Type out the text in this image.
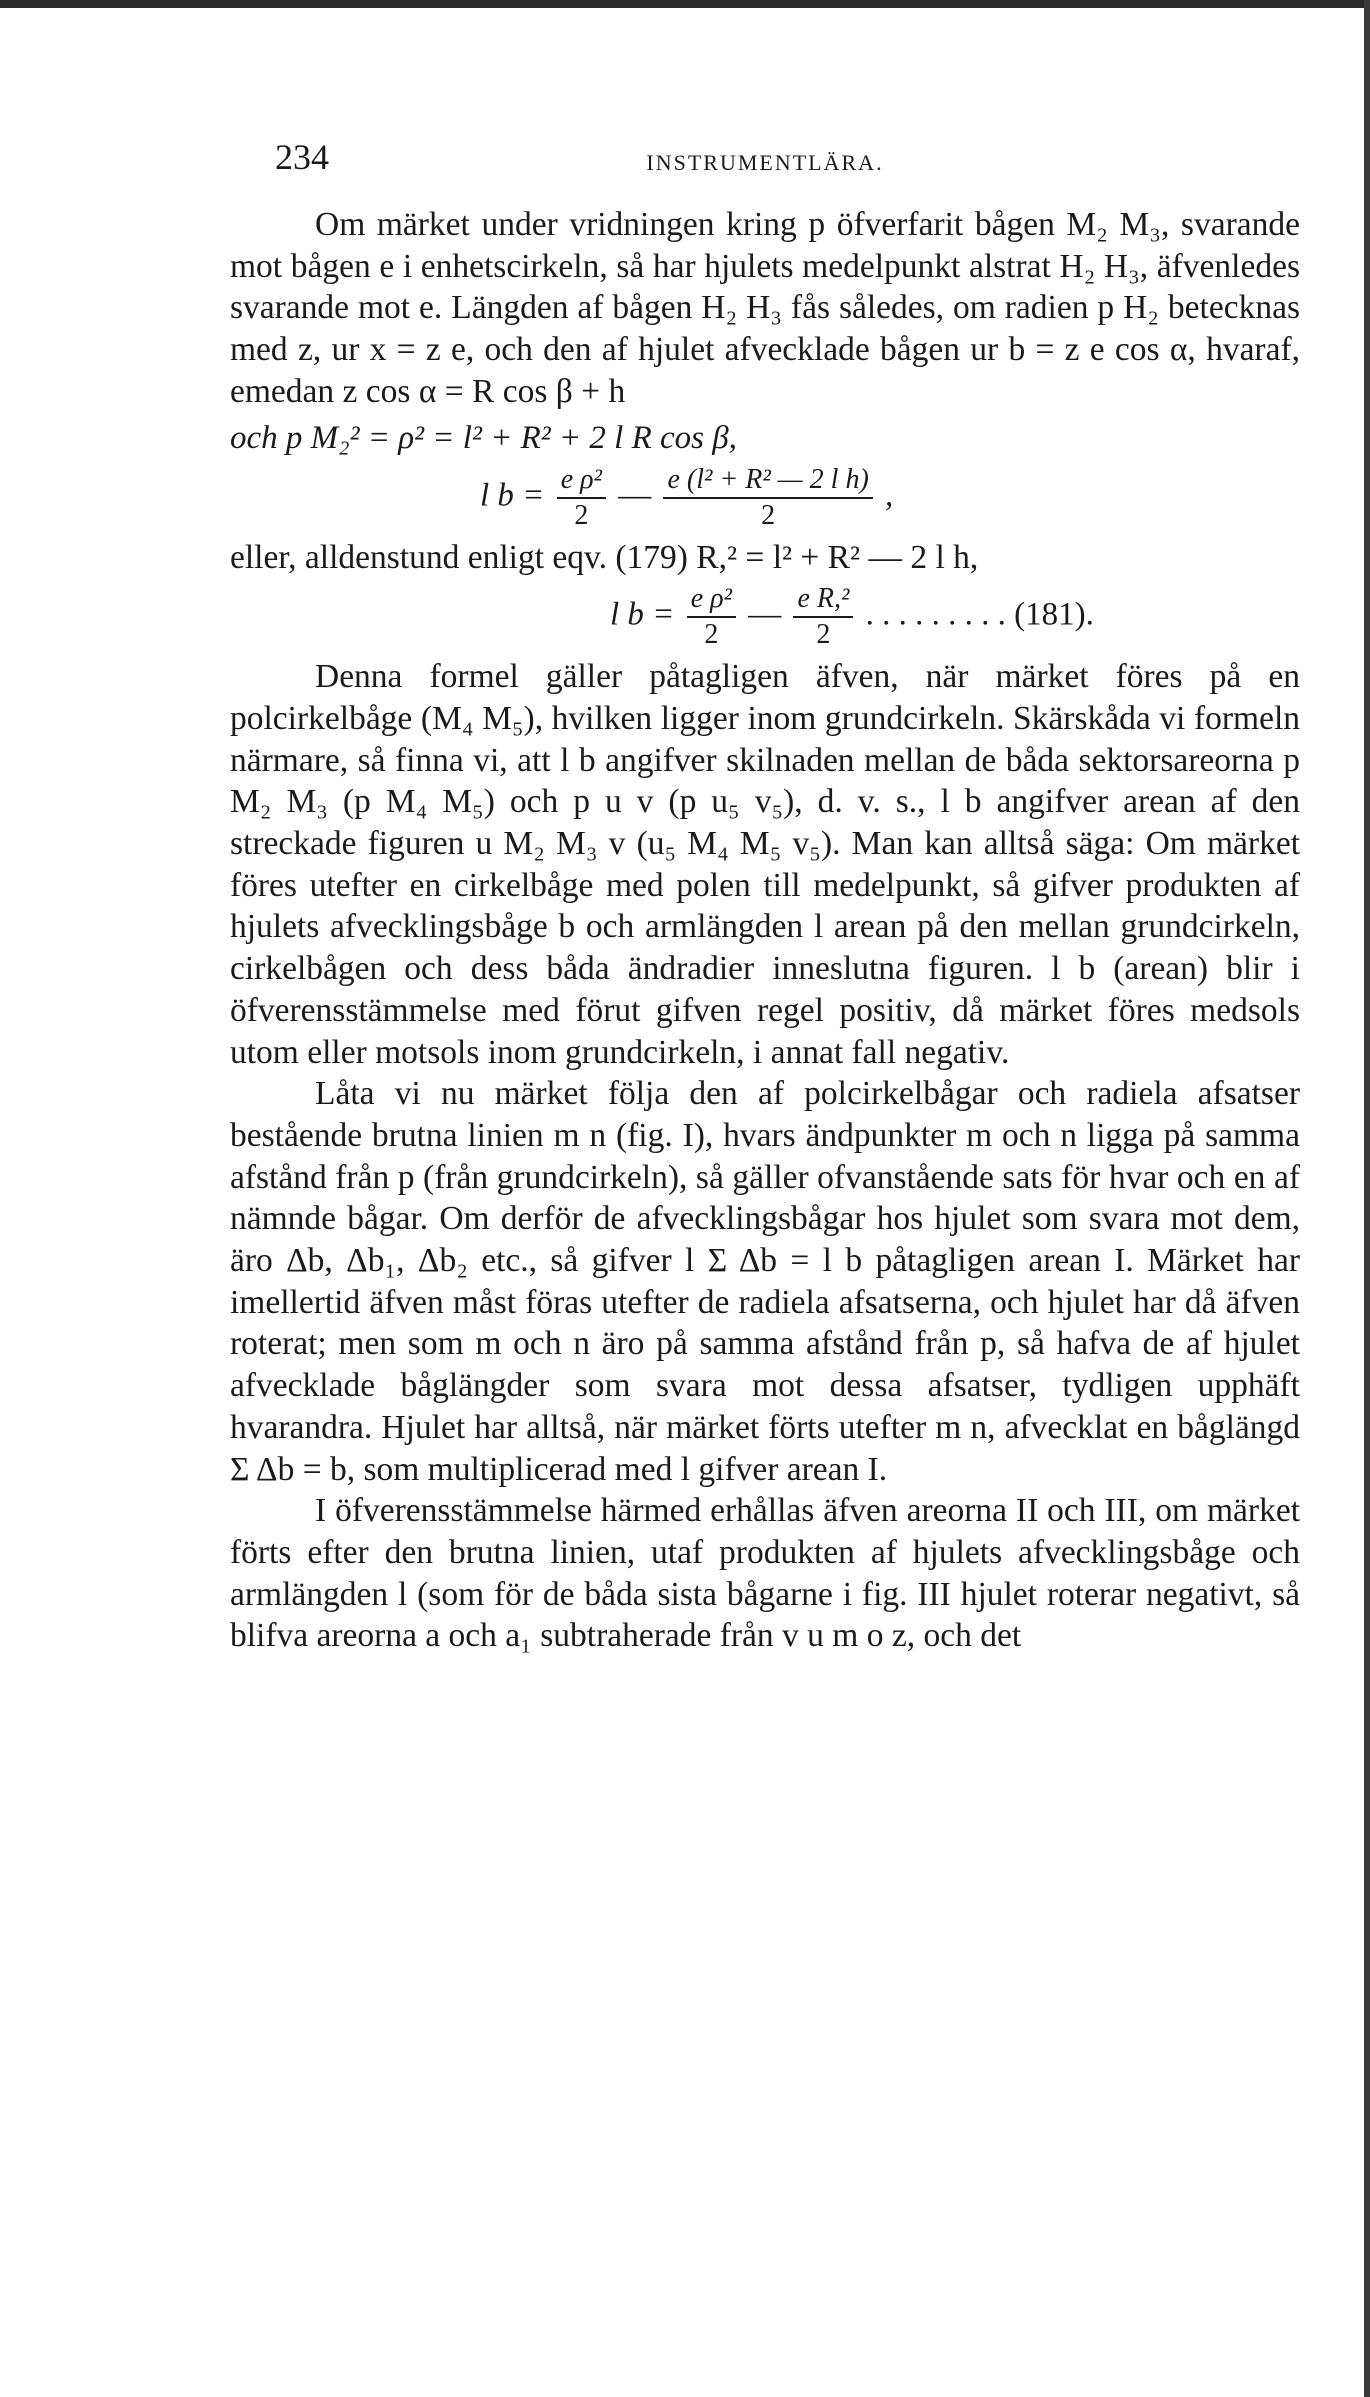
234	INSTRUMENTLÄRA.

Om märket under vridningen kring p öfverfarit bågen M₂ M₃, svarande mot bågen e i enhetscirkeln, så har hjulets medelpunkt alstrat H₂ H₃, äfvenledes svarande mot e. Längden af bågen H₂ H₃ fås således, om radien p H₂ betecknas med z, ur x = z e, och den af hjulet afvecklade bågen ur b = z e cos α, hvaraf, emedan z cos α = R cos β + h

och p M₂² = ρ² = l² + R² + 2 l R cos β,
l $b = \frac{\text{e ρ²}}{2}$ — $\frac{\text{e (l² + R² — 2 l h)}}{2}$ ,

eller, alldenstund enligt eqv. (179) R,² = l² + R² — 2 l h,

l $b = \frac{\text{e ρ²}}{2}$ — $\frac{\text{e R,²}}{2}$ . . . . . . . . . (181).

Denna formel gäller påtagligen äfven, när märket föres på en polcirkelbåge (M₄ M₅), hvilken ligger inom grundcirkeln. Skärskåda vi formeln närmare, så finna vi, att l b angifver skilnaden mellan de båda sektorsareorna p M₂ M₃ (p M₄ M₅) och p u v (p u₅ v₅), d. v. s., l b angifver arean af den streckade figuren u M₂ M₃ v (u₅ M₄ M₅ v₅). Man kan alltså säga: Om märket föres utefter en cirkelbåge med polen till medelpunkt, så gifver produkten af hjulets afvecklingsbåge b och armlängden l arean på den mellan grundcirkeln, cirkelbågen och dess båda ändradier inneslutna figuren. l b (arean) blir i öfverensstämmelse med förut gifven regel positiv, då märket föres medsols utom eller motsols inom grundcirkeln, i annat fall negativ.

Låta vi nu märket följa den af polcirkelbågar och radiela afsatser bestående brutna linien m n (fig. I), hvars ändpunkter m och n ligga på samma afstånd från p (från grundcirkeln), så gäller ofvanstående sats för hvar och en af nämnde bågar. Om derför de afvecklingsbågar hos hjulet som svara mot dem, äro Δb, Δb₁, Δb₂ etc., så gifver l Σ Δb = l b påtagligen arean I. Märket har imellertid äfven måst föras utefter de radiela afsatserna, och hjulet har då äfven roterat; men som m och n äro på samma afstånd från p, så hafva de af hjulet afvecklade båglängder som svara mot dessa afsatser, tydligen upphäft hvarandra. Hjulet har alltså, när märket förts utefter m n, afvecklat en båglängd Σ Δb = b, som multiplicerad med l gifver arean I.

I öfverensstämmelse härmed erhållas äfven areorna II och III, om märket förts efter den brutna linien, utaf produkten af hjulets afvecklingsbåge och armlängden l (som för de båda sista bågarne i fig. III hjulet roterar negativt, så blifva areorna a och a₁ subtraherade från v u m o z, och det
